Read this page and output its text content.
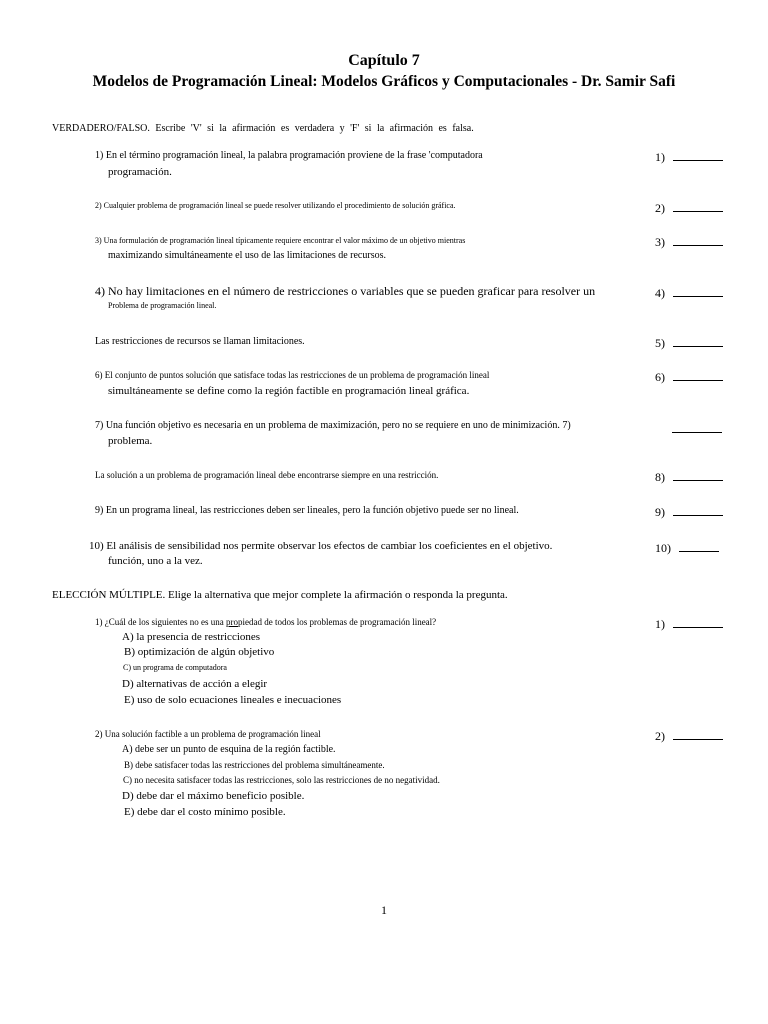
Capítulo 7
Modelos de Programación Lineal: Modelos Gráficos y Computacionales - Dr. Samir Safi
VERDADERO/FALSO. Escribe 'V' si la afirmación es verdadera y 'F' si la afirmación es falsa.
1) En el término programación lineal, la palabra programación proviene de la frase 'computadora
programación.
1)
2) Cualquier problema de programación lineal se puede resolver utilizando el procedimiento de solución gráfica.	2)
3) Una formulación de programación lineal típicamente requiere encontrar el valor máximo de un objetivo mientras
maximizando simultáneamente el uso de las limitaciones de recursos.
3)
4) No hay limitaciones en el número de restricciones o variables que se pueden graficar para resolver un
Problema de programación lineal.
4)
Las restricciones de recursos se llaman limitaciones.	5)
6) El conjunto de puntos solución que satisface todas las restricciones de un problema de programación lineal
simultáneamente se define como la región factible en programación lineal gráfica.
6)
7) Una función objetivo es necesaria en un problema de maximización, pero no se requiere en uno de minimización. 7)
problema.
La solución a un problema de programación lineal debe encontrarse siempre en una restricción.	8)
9) En un programa lineal, las restricciones deben ser lineales, pero la función objetivo puede ser no lineal.	9)
10) El análisis de sensibilidad nos permite observar los efectos de cambiar los coeficientes en el objetivo.
función, uno a la vez.
10)
ELECCIÓN MÚLTIPLE. Elige la alternativa que mejor complete la afirmación o responda la pregunta.
1) ¿Cuál de los siguientes no es una propiedad de todos los problemas de programación lineal?	1)
A) la presencia de restricciones
B) optimización de algún objetivo
C) un programa de computadora
D) alternativas de acción a elegir
E) uso de solo ecuaciones lineales e inecuaciones
2) Una solución factible a un problema de programación lineal	2)
A) debe ser un punto de esquina de la región factible.
B) debe satisfacer todas las restricciones del problema simultáneamente.
C) no necesita satisfacer todas las restricciones, solo las restricciones de no negatividad.
D) debe dar el máximo beneficio posible.
E) debe dar el costo mínimo posible.
1
